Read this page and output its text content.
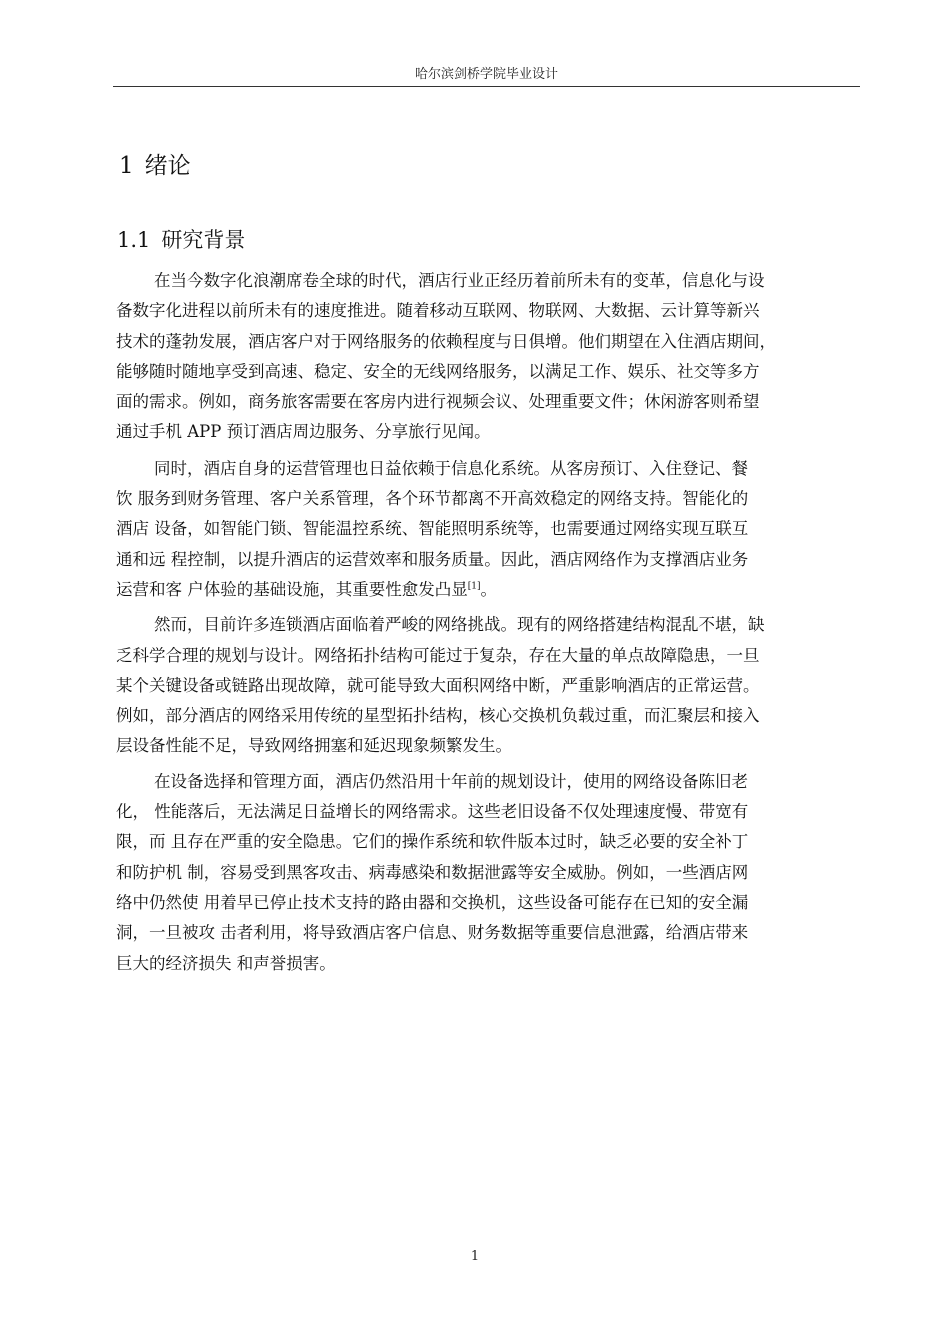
哈尔滨剑桥学院毕业设计
1 绪论
1.1 研究背景

在当今数字化浪潮席卷全球的时代，酒店行业正经历着前所未有的变革，信息化与设
备数字化进程以前所未有的速度推进。随着移动互联网、物联网、大数据、云计算等新兴
技术的蓬勃发展，酒店客户对于网络服务的依赖程度与日俱增。他们期望在入住酒店期间，
能够随时随地享受到高速、稳定、安全的无线网络服务，以满足工作、娱乐、社交等多方
面的需求。例如，商务旅客需要在客房内进行视频会议、处理重要文件；休闲游客则希望
通过手机 APP 预订酒店周边服务、分享旅行见闻。

同时，酒店自身的运营管理也日益依赖于信息化系统。从客房预订、入住登记、餐
饮 服务到财务管理、客户关系管理，各个环节都离不开高效稳定的网络支持。智能化的
酒店 设备，如智能门锁、智能温控系统、智能照明系统等，也需要通过网络实现互联互
通和远 程控制，以提升酒店的运营效率和服务质量。因此，酒店网络作为支撑酒店业务
运营和客 户体验的基础设施，其重要性愈发凸显[1]。

然而，目前许多连锁酒店面临着严峻的网络挑战。现有的网络搭建结构混乱不堪，缺
乏科学合理的规划与设计。网络拓扑结构可能过于复杂，存在大量的单点故障隐患，一旦
某个关键设备或链路出现故障，就可能导致大面积网络中断，严重影响酒店的正常运营。
例如，部分酒店的网络采用传统的星型拓扑结构，核心交换机负载过重，而汇聚层和接入
层设备性能不足，导致网络拥塞和延迟现象频繁发生。

在设备选择和管理方面，酒店仍然沿用十年前的规划设计，使用的网络设备陈旧老
化， 性能落后，无法满足日益增长的网络需求。这些老旧设备不仅处理速度慢、带宽有
限，而 且存在严重的安全隐患。它们的操作系统和软件版本过时，缺乏必要的安全补丁
和防护机 制，容易受到黑客攻击、病毒感染和数据泄露等安全威胁。例如，一些酒店网
络中仍然使 用着早已停止技术支持的路由器和交换机，这些设备可能存在已知的安全漏
洞，一旦被攻 击者利用，将导致酒店客户信息、财务数据等重要信息泄露，给酒店带来
巨大的经济损失 和声誉损害。

1
